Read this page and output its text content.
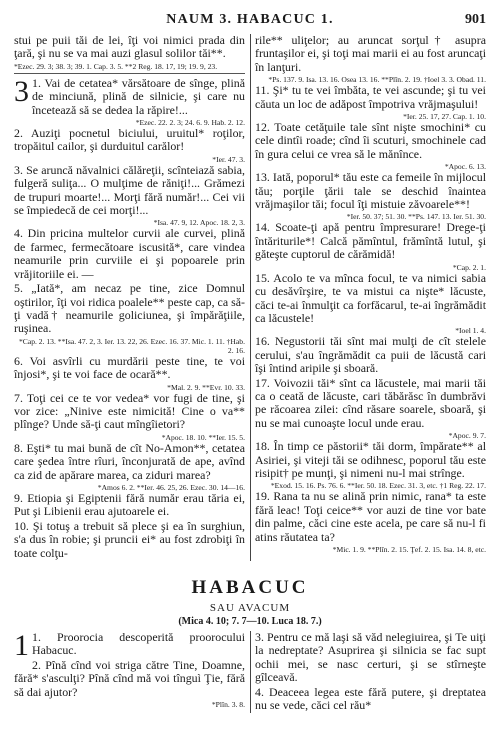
NAUM 3. HABACUC 1.	901

stui pe puii tăi de lei, îţi voi nimici prada din ţară, şi nu se va mai auzi glasul solilor tăi**.

*Ezec. 29. 3; 38. 3; 39. 1. Cap. 3. 5. **2 Reg. 18. 17, 19; 19. 9, 23.
3 1. Vai de cetatea* vărsătoare de sînge, plină de minciună, plină de silnicie, şi care nu încetează să se dedea la răpire!...

*Ezec. 22. 2. 3; 24. 6. 9. Hab. 2. 12.

2. Auziţi pocnetul biciului, uruitul* roţilor, tropăitul cailor, şi durduitul carălor!

*Ier. 47. 3.

3. Se aruncă năvalnici călăreţii, scînteiază sabia, fulgeră suliţa... O mulţime de răniţi!... Grămezi de trupuri moarte!... Morţi fără număr!... Cei vii se împiedecă de cei morţi!...

*Isa. 47. 9, 12. Apoc. 18. 2, 3.

4. Din pricina multelor curvii ale curvei, plină de farmec, fermecătoare iscusită*, care vindea neamurile prin curviile ei şi popoarele prin vrăjitoriile ei. —

5. „Iată*, am necaz pe tine, zice Domnul oştirilor, îţi voi ridica poalele** peste cap, ca să-ţi vadă† neamurile goliciunea, şi împărăţiile, ruşinea.

*Cap. 2. 13. **Isa. 47. 2, 3. Ier. 13. 22, 26. Ezec. 16. 37. Mic. 1. 11. †Hab. 2. 16.

6. Voi asvîrli cu murdării peste tine, te voi înjosi*, şi te voi face de ocară**.

*Mal. 2. 9. **Evr. 10. 33.

7. Toţi cei ce te vor vedea* vor fugi de tine, şi vor zice: „Ninive este nimicită! Cine o va** plînge? Unde să-ţi caut mîngîietori?

*Apoc. 18. 10. **Ier. 15. 5.

8. Eşti* tu mai bună de cît No-Amon**, cetatea care şedea între rîuri, înconjurată de ape, avînd ca zid de apărare marea, ca ziduri marea?

*Amos 6. 2. **Ier. 46. 25, 26. Ezec. 30. 14—16.

9. Etiopia şi Egiptenii fără număr erau tăria ei, Put şi Libienii erau ajutoarele ei.

10. Şi totuş a trebuit să plece şi ea în surghiun, s'a dus în robie; şi pruncii ei* au fost zdrobiţi în toate colţu-

rile** uliţelor; au aruncat sorţul† asupra fruntaşilor ei, şi toţi mai marii ei au fost aruncaţi în lanţuri.

*Ps. 137. 9. Isa. 13. 16. Osea 13. 16. **Plîn. 2. 19. †Ioel 3. 3. Obad. 11.

11. Şi* tu te vei îmbăta, te vei ascunde; şi tu vei căuta un loc de adăpost împotriva vrăjmaşului!

*Ier. 25. 17, 27. Cap. 1. 10.

12. Toate cetăţuile tale sînt nişte smochini* cu cele dintîi roade; cînd îi scuturi, smochinele cad în gura celui ce vrea să le mănînce.

*Apoc. 6. 13.

13. Iată, poporul* tău este ca femeile în mijlocul tău; porţile ţării tale se deschid înaintea vrăjmaşilor tăi; focul îţi mistuie zăvoarele**!

*Ier. 50. 37; 51. 30. **Ps. 147. 13. Ier. 51. 30.

14. Scoate-ţi apă pentru împresurare! Drege-ţi întăriturile*! Calcă pămîntul, frămîntă lutul, şi găteşte cuptorul de cărămidă!

*Cap. 2. 1.

15. Acolo te va mînca focul, te va nimici sabia cu desăvîrşire, te va mistui ca nişte* lăcuste, căci te-ai înmulţit ca forfăcarul, te-ai îngrămădit ca lăcustele!

*Ioel 1. 4.

16. Negustorii tăi sînt mai mulţi de cît stelele cerului, s'au îngrămădit ca puii de lăcustă cari îşi întind aripile şi sboară.

17. Voivozii tăi* sînt ca lăcustele, mai marii tăi ca o ceată de lăcuste, cari tăbărăsc în dumbrăvi pe răcoarea zilei: cînd răsare soarele, sboară, şi nu se mai cunoaşte locul unde erau.

*Apoc. 9. 7.

18. În timp ce păstorii* tăi dorm, împărate** al Asiriei, şi viteji tăi se odihnesc, poporul tău este risipit† pe munţi, şi nimeni nu-l mai strînge.

*Exod. 15. 16. Ps. 76. 6. **Ier. 50. 18. Ezec. 31. 3, etc. †1 Reg. 22. 17.

19. Rana ta nu se alină prin nimic, rana* ta este fără leac! Toţi ceice** vor auzi de tine vor bate din palme, căci cine este acela, pe care să nu-l fi atins răutatea ta?

*Mic. 1. 9. **Plîn. 2. 15. Ţef. 2. 15. Isa. 14. 8, etc.
HABACUC
SAU AVACUM
(Mica 4. 10; 7. 7—10. Luca 18. 7.)
1 1. Proorocia descoperită proorocului Habacuc.

2. Pînă cînd voi striga către Tine, Doamne, fără* s'asculţi? Pînă cînd mă voi tînguì Ţie, fără să dai ajutor?

*Plîn. 3. 8.

3. Pentru ce mă laşi să văd nelegiuirea, şi Te uiţi la nedreptate? Asuprirea şi silnicia se fac supt ochii mei, se nasc certuri, şi se stîrneşte gîlceavă.

4. Deaceea legea este fără putere, şi dreptatea nu se vede, căci cel rău*
